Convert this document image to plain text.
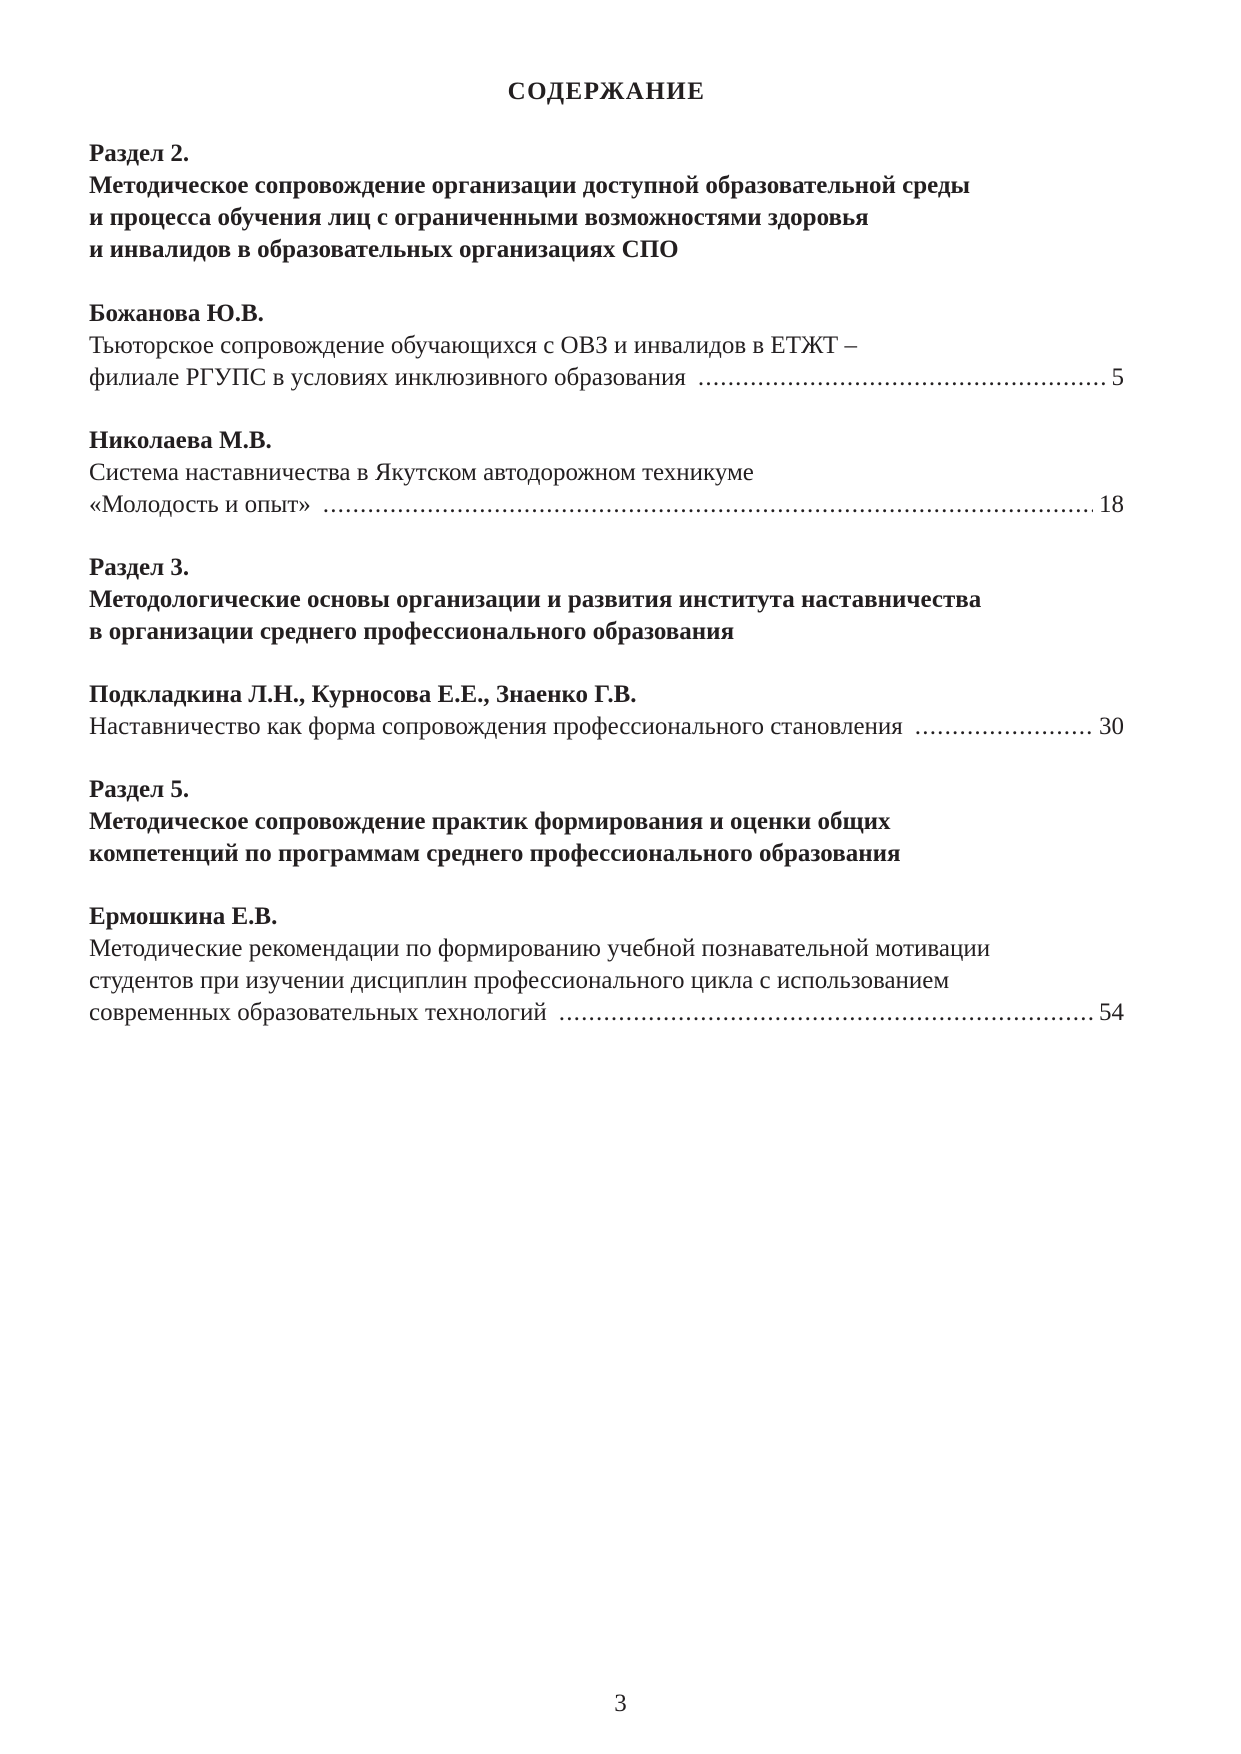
СОДЕРЖАНИЕ
Раздел 2.
Методическое сопровождение организации доступной образовательной среды
и процесса обучения лиц с ограниченными возможностями здоровья
и инвалидов в образовательных организациях СПО
Божанова Ю.В.
Тьюторское сопровождение обучающихся с ОВЗ и инвалидов в ЕТЖТ –
филиале РГУПС в условиях инклюзивного образования .....	5
Николаева М.В.
Система наставничества в Якутском автодорожном техникуме
«Молодость и опыт» .....	18
Раздел 3.
Методологические основы организации и развития института наставничества
в организации среднего профессионального образования
Подкладкина Л.Н., Курносова Е.Е., Знаенко Г.В.
Наставничество как форма сопровождения профессионального становления .....	30
Раздел 5.
Методическое сопровождение практик формирования и оценки общих
компетенций по программам среднего профессионального образования
Ермошкина Е.В.
Методические рекомендации по формированию учебной познавательной мотивации
студентов при изучении дисциплин профессионального цикла с использованием
современных образовательных технологий .....	54
3
